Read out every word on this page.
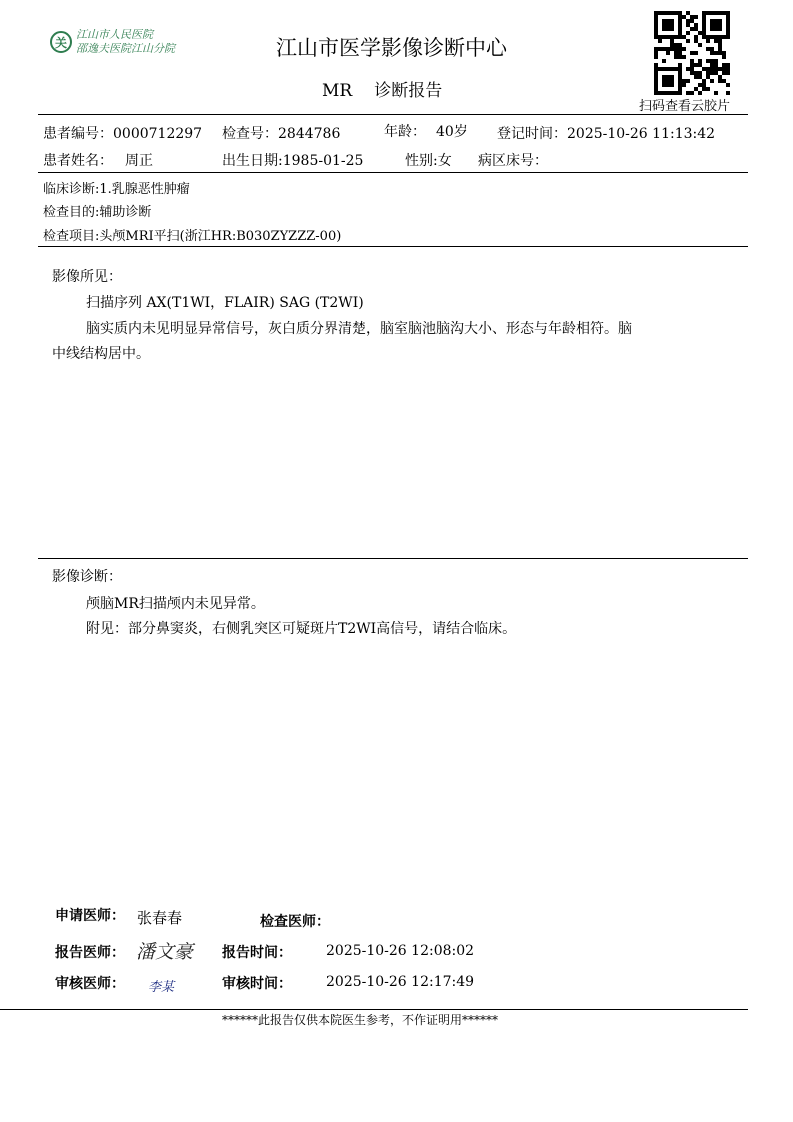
关
江山市人民医院
邵逸夫医院江山分院	江山市医学影像诊断中心
MR 诊断报告
扫码查看云胶片
患者编号：0000712297 检查号：2844786	年龄： 40岁 登记时间：2025-10-26 11:13:42
患者姓名： 周正	出生日期:1985-01-25	性别:女 病区床号：
临床诊断:1.乳腺恶性肿瘤
检查目的:辅助诊断
检查项目:头颅MRI平扫(浙江HR:B030ZYZZZ-00)
影像所见：
扫描序列 AX(T1WI，FLAIR) SAG (T2WI)
脑实质内未见明显异常信号，灰白质分界清楚，脑室脑池脑沟大小、形态与年龄相符。脑
中线结构居中。
影像诊断：
颅脑MR扫描颅内未见异常。
附见：部分鼻窦炎，右侧乳突区可疑斑片T2WI高信号，请结合临床。
申请医师： 张春春	检查医师：
报告医师： 潘文豪 报告时间： 2025-10-26 12:08:02
审核医师： 李某	审核时间： 2025-10-26 12:17:49
******此报告仅供本院医生参考，不作证明用******
